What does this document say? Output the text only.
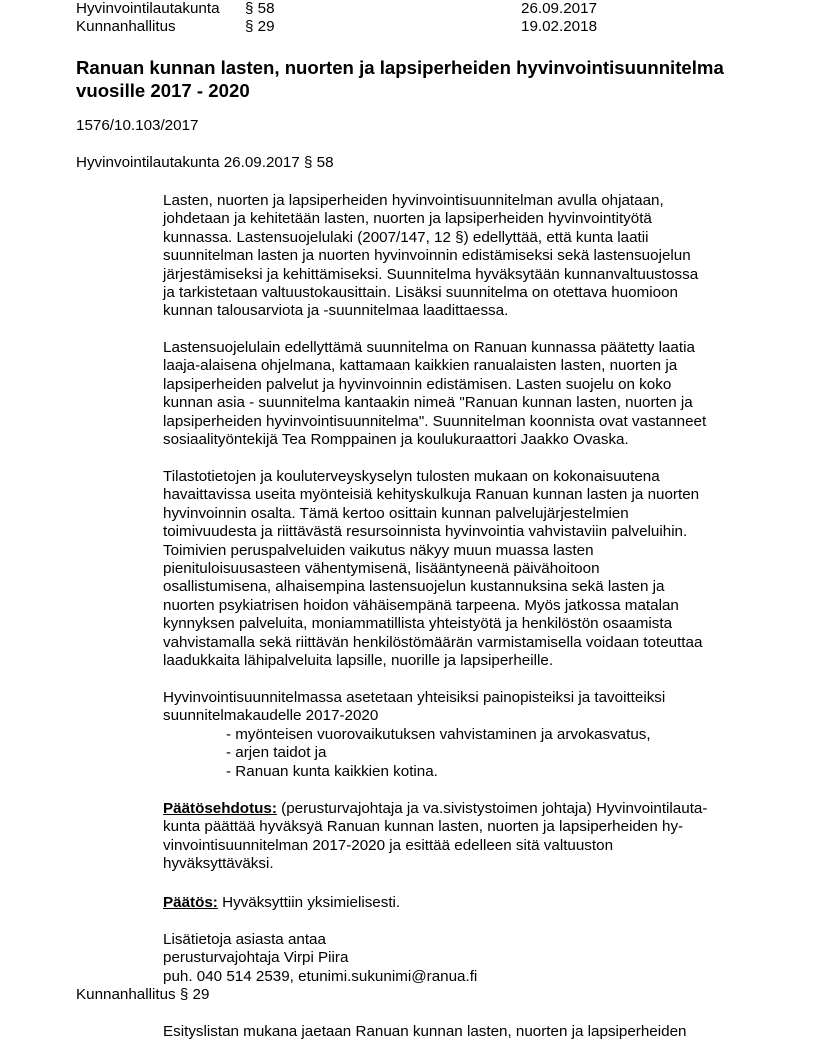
Hyvinvointilautakunta § 58	26.09.2017
Kunnanhallitus	§ 29	19.02.2018
Ranuan kunnan lasten, nuorten ja lapsiperheiden hyvinvointisuunnitelma
vuosille 2017 - 2020
1576/10.103/2017
Hyvinvointilautakunta 26.09.2017 § 58
Lasten, nuorten ja lapsiperheiden hyvinvointisuunnitelman avulla ohjataan,
johdetaan ja kehitetään lasten, nuorten ja lapsiperheiden hyvinvointityötä
kunnassa. Lastensuojelulaki (2007/147, 12 §) edellyttää, että kunta laatii
suunnitelman lasten ja nuorten hyvinvoinnin edistämiseksi sekä lastensuojelun
järjestämiseksi ja kehittämiseksi. Suunnitelma hyväksytään kunnanvaltuustossa
ja tarkistetaan valtuustokausittain. Lisäksi suunnitelma on otettava huomioon
kunnan talousarviota ja -suunnitelmaa laadittaessa.
Lastensuojelulain edellyttämä suunnitelma on Ranuan kunnassa päätetty laatia
laaja-alaisena ohjelmana, kattamaan kaikkien ranualaisten lasten, nuorten ja
lapsiperheiden palvelut ja hyvinvoinnin edistämisen. Lasten suojelu on koko
kunnan asia - suunnitelma kantaakin nimeä "Ranuan kunnan lasten, nuorten ja
lapsiperheiden hyvinvointisuunnitelma". Suunnitelman koonnista ovat vastanneet
sosiaalityöntekijä Tea Romppainen ja koulukuraattori Jaakko Ovaska.
Tilastotietojen ja kouluterveyskyselyn tulosten mukaan on kokonaisuutena
havaittavissa useita myönteisiä kehityskulkuja Ranuan kunnan lasten ja nuorten
hyvinvoinnin osalta. Tämä kertoo osittain kunnan palvelujärjestelmien
toimivuudesta ja riittävästä resursoinnista hyvinvointia vahvistaviin palveluihin.
Toimivien peruspalveluiden vaikutus näkyy muun muassa lasten
pienituloisuusasteen vähentymisenä, lisääntyneenä päivähoitoon
osallistumisena, alhaisempina lastensuojelun kustannuksina sekä lasten ja
nuorten psykiatrisen hoidon vähäisempänä tarpeena. Myös jatkossa matalan
kynnyksen palveluita, moniammatillista yhteistyötä ja henkilöstön osaamista
vahvistamalla sekä riittävän henkilöstömäärän varmistamisella voidaan toteuttaa
laadukkaita lähipalveluita lapsille, nuorille ja lapsiperheille.
Hyvinvointisuunnitelmassa asetetaan yhteisiksi painopisteiksi ja tavoitteiksi
suunnitelmakaudelle 2017-2020
- myönteisen vuorovaikutuksen vahvistaminen ja arvokasvatus,
- arjen taidot ja
- Ranuan kunta kaikkien kotina.
Päätösehdotus: (perusturvajohtaja ja va.sivistystoimen johtaja) Hyvinvointilauta-
kunta päättää hyväksyä Ranuan kunnan lasten, nuorten ja lapsiperheiden hy-
vinvointisuunnitelman 2017-2020 ja esittää edelleen sitä valtuuston
hyväksyttäväksi.
Päätös: Hyväksyttiin yksimielisesti.
Lisätietoja asiasta antaa
perusturvajohtaja Virpi Piira
puh. 040 514 2539, etunimi.sukunimi@ranua.fi
Kunnanhallitus § 29
Esityslistan mukana jaetaan Ranuan kunnan lasten, nuorten ja lapsiperheiden
